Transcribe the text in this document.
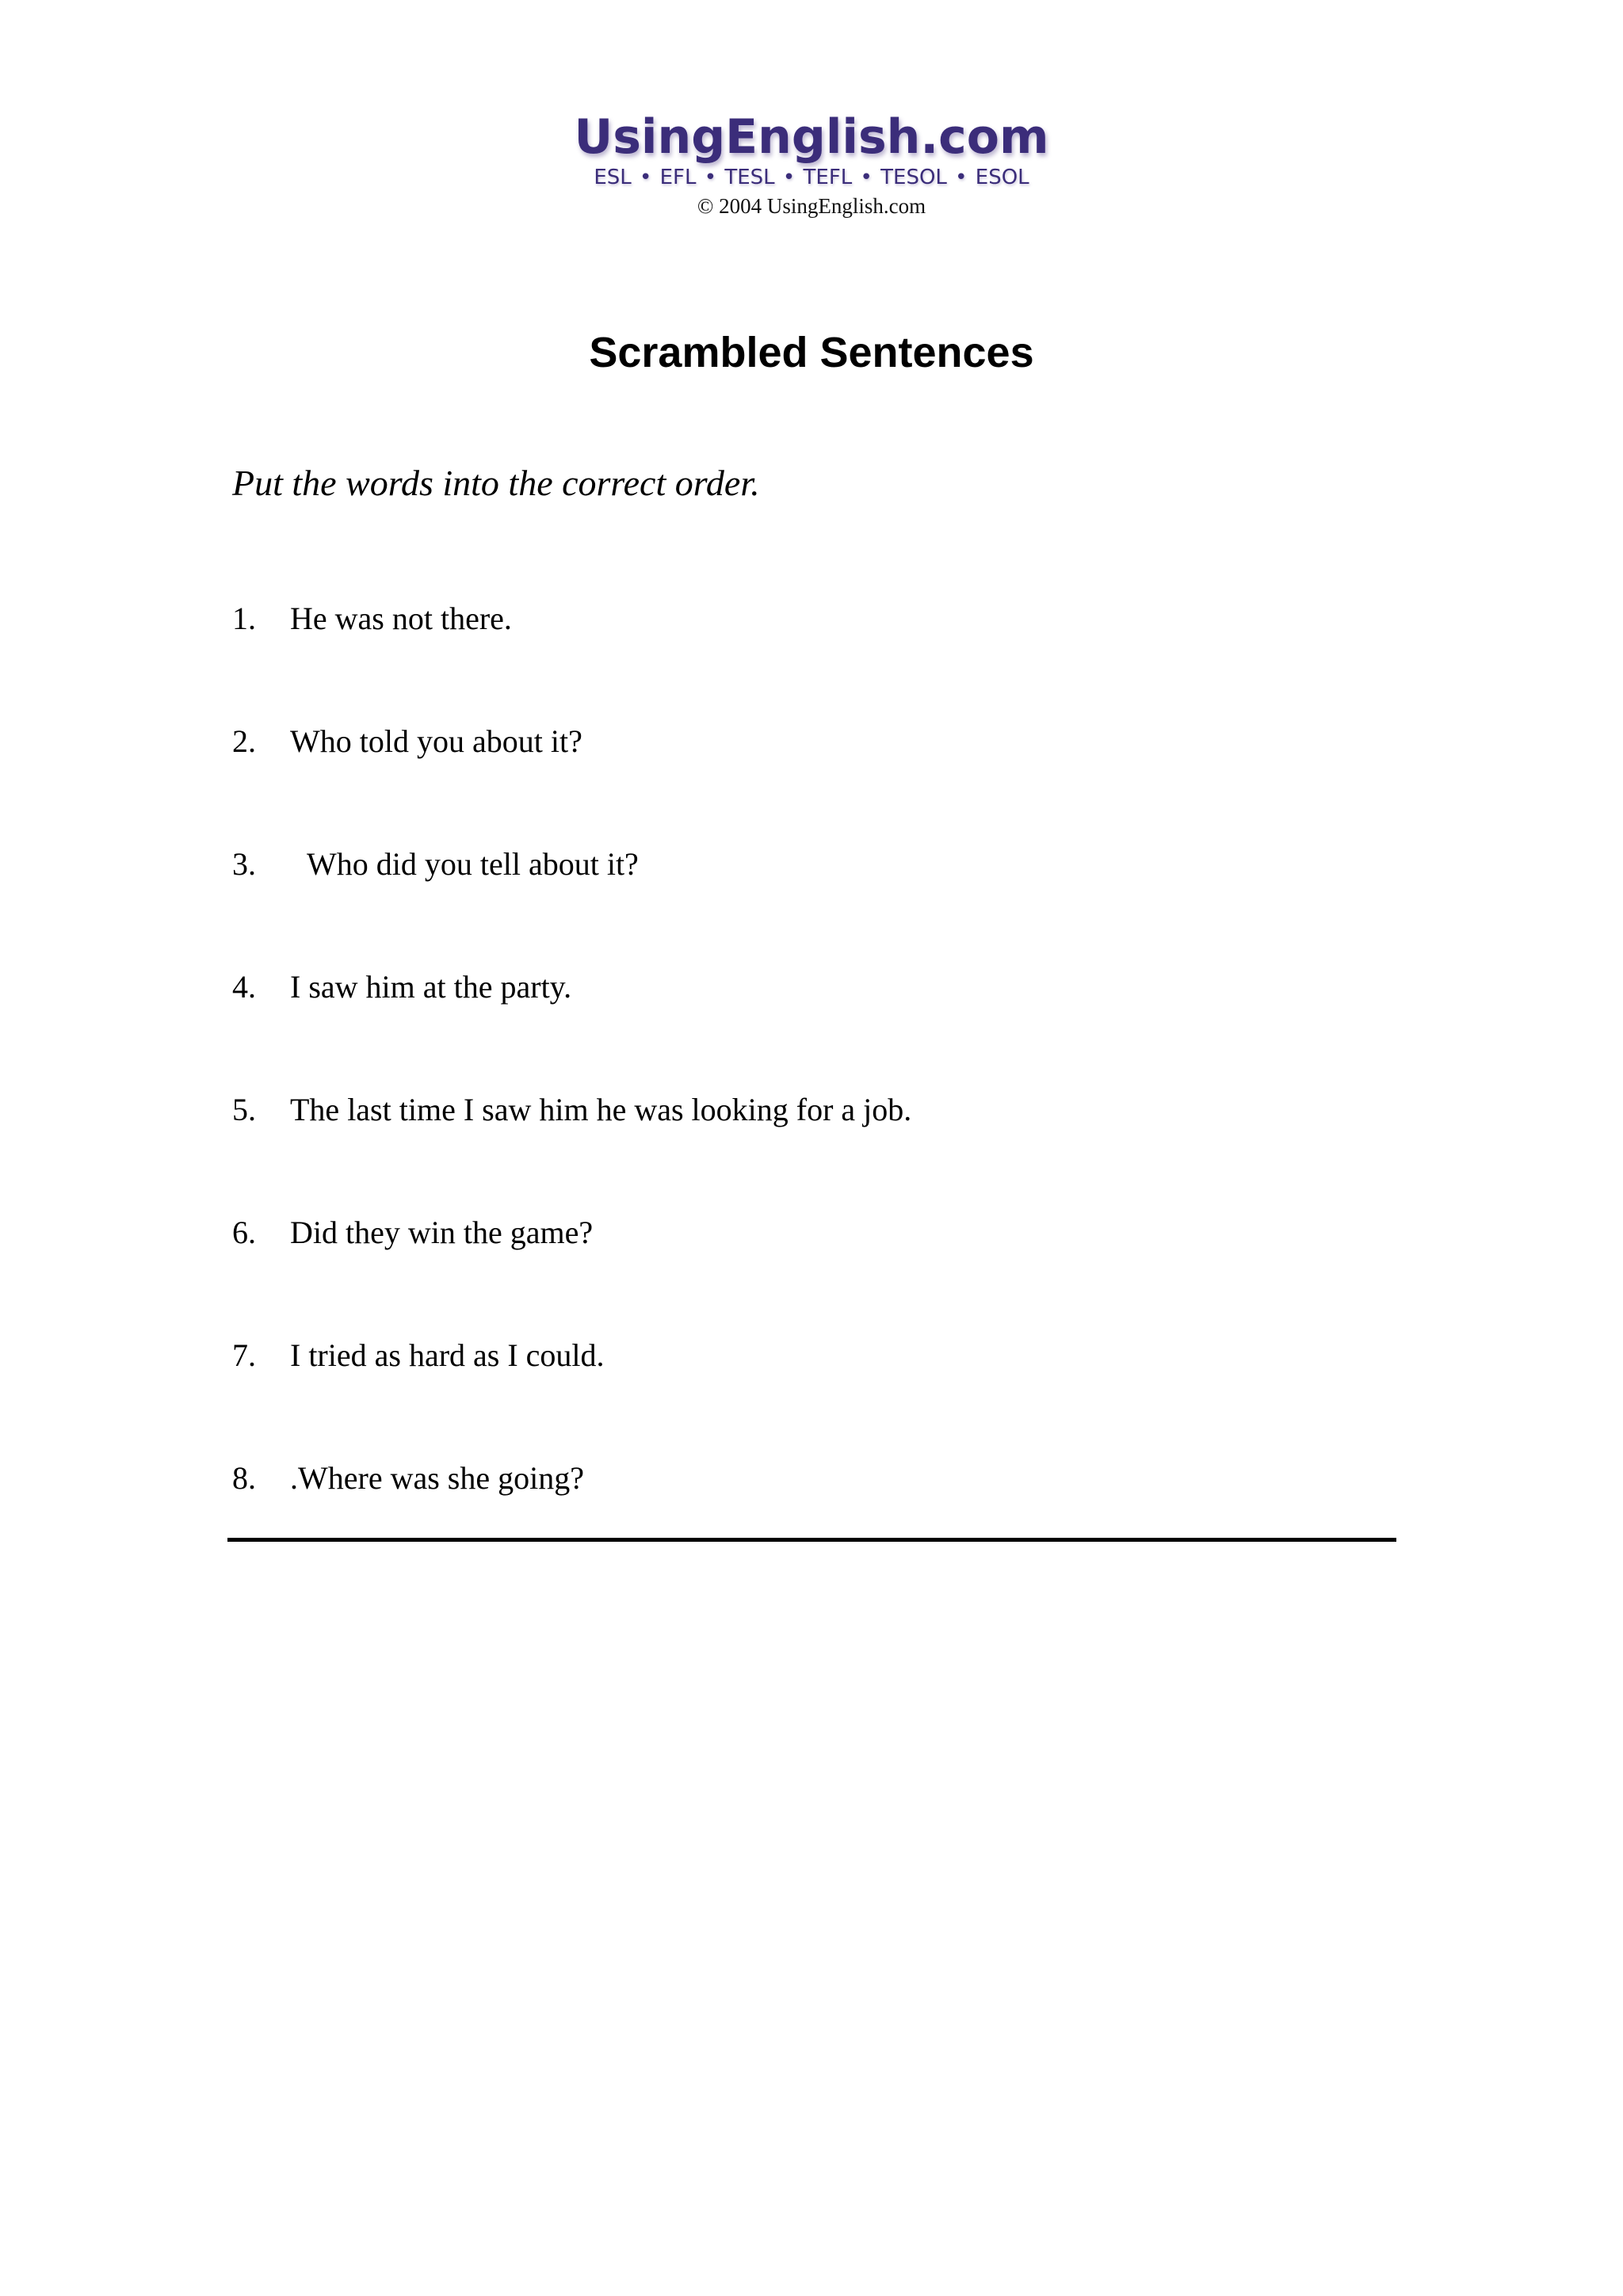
UsingEnglish.com
ESL • EFL • TESL • TEFL • TESOL • ESOL
© 2004 UsingEnglish.com
Scrambled Sentences
Put the words into the correct order.
1. He was not there.
2. Who told you about it?
3. Who did you tell about it?
4. I saw him at the party.
5. The last time I saw him he was looking for a job.
6. Did they win the game?
7. I tried as hard as I could.
8. .Where was she going?
